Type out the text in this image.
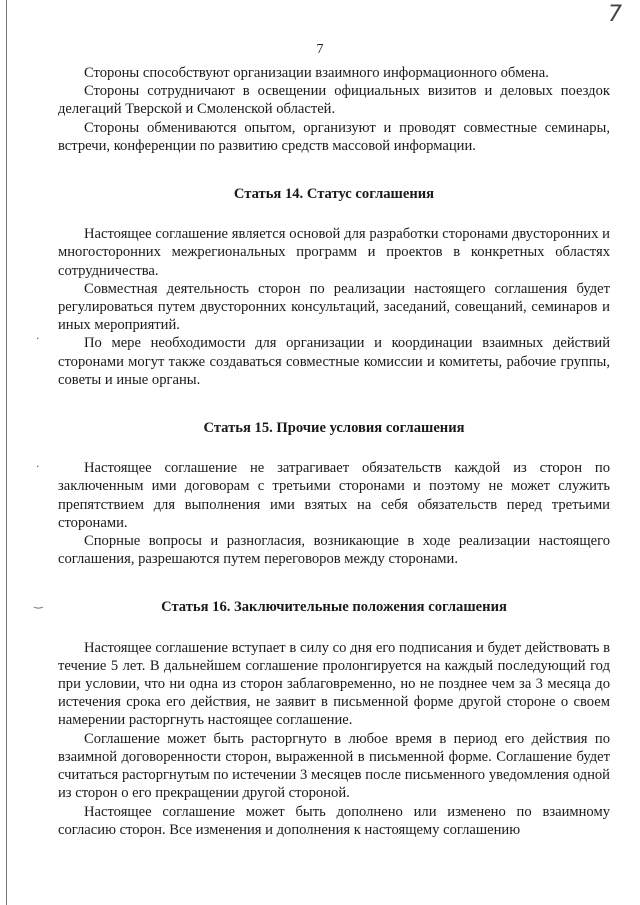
7
7
·
·
‿

Стороны способствуют организации взаимного информационного обмена.

Стороны сотрудничают в освещении официальных визитов и деловых поездок делегаций Тверской и Смоленской областей.

Стороны обмениваются опытом, организуют и проводят совместные семинары, встречи, конференции по развитию средств массовой информации.

Статья 14. Статус соглашения

Настоящее соглашение является основой для разработки сторонами двусторонних и многосторонних межрегиональных программ и проектов в конкретных областях сотрудничества.

Совместная деятельность сторон по реализации настоящего соглашения будет регулироваться путем двусторонних консультаций, заседаний, совещаний, семинаров и иных мероприятий.

По мере необходимости для организации и координации взаимных действий сторонами могут также создаваться совместные комиссии и комитеты, рабочие группы, советы и иные органы.

Статья 15. Прочие условия соглашения

Настоящее соглашение не затрагивает обязательств каждой из сторон по заключенным ими договорам с третьими сторонами и поэтому не может служить препятствием для выполнения ими взятых на себя обязательств перед третьими сторонами.

Спорные вопросы и разногласия, возникающие в ходе реализации настоящего соглашения, разрешаются путем переговоров между сторонами.

Статья 16. Заключительные положения соглашения

Настоящее соглашение вступает в силу со дня его подписания и будет действовать в течение 5 лет. В дальнейшем соглашение пролонгируется на каждый последующий год при условии, что ни одна из сторон заблаговременно, но не позднее чем за 3 месяца до истечения срока его действия, не заявит в письменной форме другой стороне о своем намерении расторгнуть настоящее соглашение.

Соглашение может быть расторгнуто в любое время в период его действия по взаимной договоренности сторон, выраженной в письменной форме. Соглашение будет считаться расторгнутым по истечении 3 месяцев после письменного уведомления одной из сторон о его прекращении другой стороной.

Настоящее соглашение может быть дополнено или изменено по взаимному согласию сторон. Все изменения и дополнения к настоящему соглашению
